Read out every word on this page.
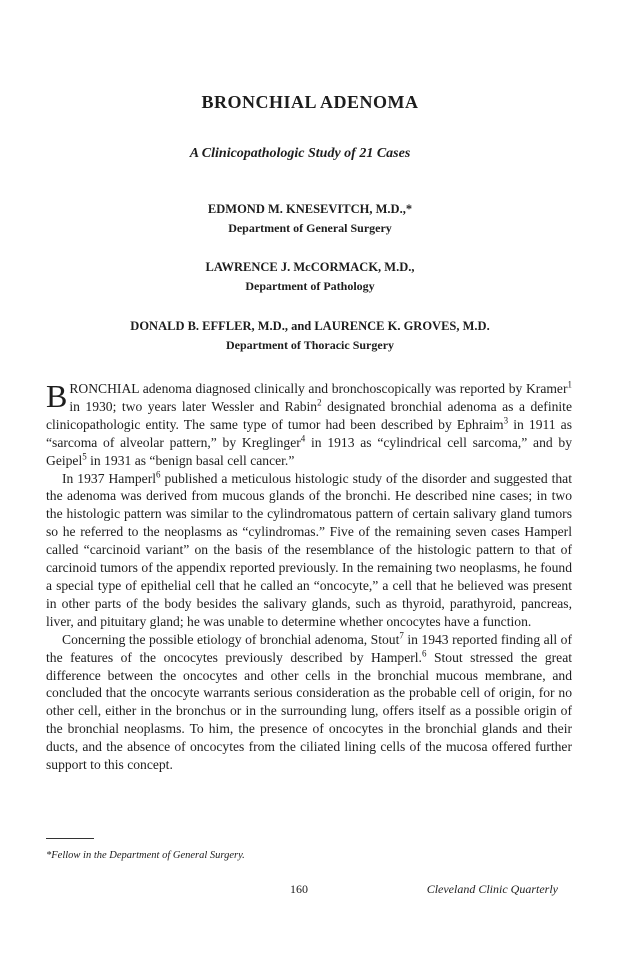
BRONCHIAL ADENOMA
A Clinicopathologic Study of 21 Cases
EDMOND M. KNESEVITCH, M.D.,*
Department of General Surgery
LAWRENCE J. McCORMACK, M.D.,
Department of Pathology
DONALD B. EFFLER, M.D., and LAURENCE K. GROVES, M.D.
Department of Thoracic Surgery

BRONCHIAL adenoma diagnosed clinically and bronchoscopically was reported by Kramer$^1$ in 1930; two years later Wessler and Rabin$^2$ designated bronchial adenoma as a definite clinicopathologic entity. The same type of tumor had been described by Ephraim$^3$ in 1911 as “sarcoma of alveolar pattern,” by Kreglinger$^4$ in 1913 as “cylindrical cell sarcoma,” and by Geipel$^5$ in 1931 as “benign basal cell cancer.”

In 1937 Hamperl$^6$ published a meticulous histologic study of the disorder and suggested that the adenoma was derived from mucous glands of the bronchi. He described nine cases; in two the histologic pattern was similar to the cylindromatous pattern of certain salivary gland tumors so he referred to the neoplasms as “cylindromas.” Five of the remaining seven cases Hamperl called “carcinoid variant” on the basis of the resemblance of the histologic pattern to that of carcinoid tumors of the appendix reported previously. In the remaining two neoplasms, he found a special type of epithelial cell that he called an “oncocyte,” a cell that he believed was present in other parts of the body besides the salivary glands, such as thyroid, parathyroid, pancreas, liver, and pituitary gland; he was unable to determine whether oncocytes have a function.

Concerning the possible etiology of bronchial adenoma, Stout$^7$ in 1943 reported finding all of the features of the oncocytes previously described by Hamperl.$^6$ Stout stressed the great difference between the oncocytes and other cells in the bronchial mucous membrane, and concluded that the oncocyte warrants serious consideration as the probable cell of origin, for no other cell, either in the bronchus or in the surrounding lung, offers itself as a possible origin of the bronchial neoplasms. To him, the presence of oncocytes in the bronchial glands and their ducts, and the absence of oncocytes from the ciliated lining cells of the mucosa offered further support to this concept.

*Fellow in the Department of General Surgery.
160	Cleveland Clinic Quarterly
